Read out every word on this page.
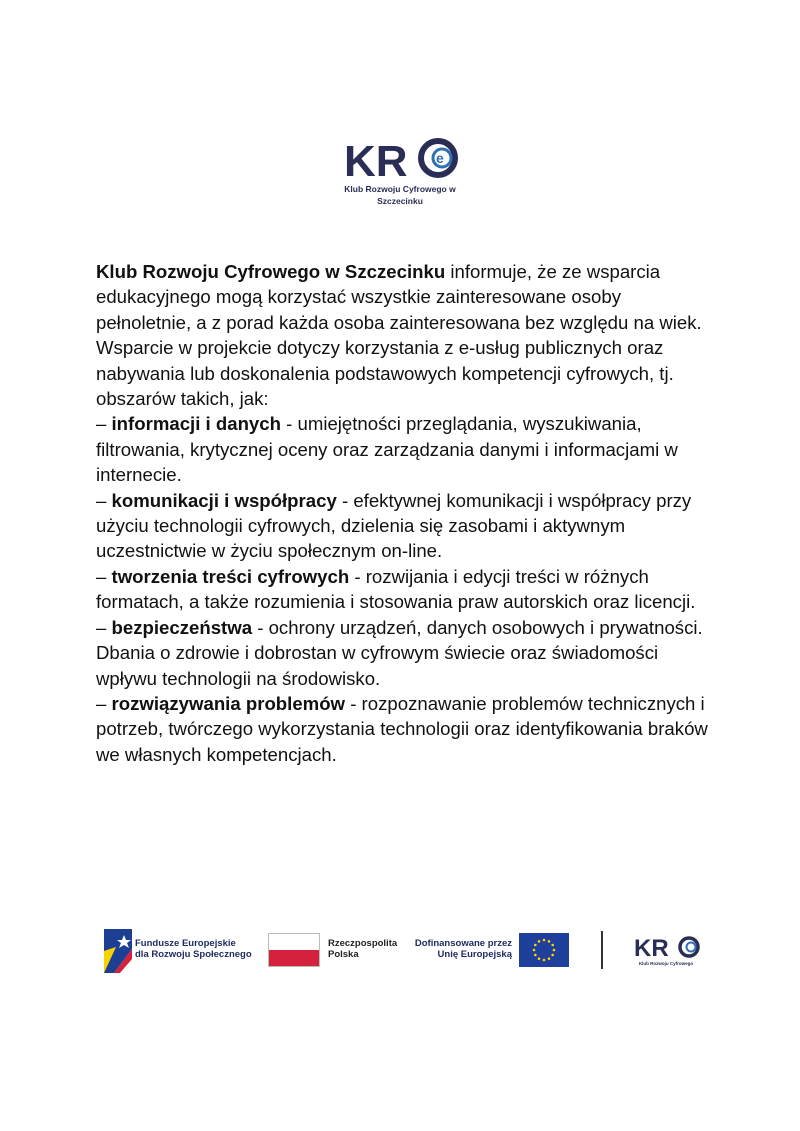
KR e
Klub Rozwoju Cyfrowego w
Szczecinku

Klub Rozwoju Cyfrowego w Szczecinku informuje, że ze wsparcia edukacyjnego mogą korzystać wszystkie zainteresowane osoby pełnoletnie, a z porad każda osoba zainteresowana bez względu na wiek.

Wsparcie w projekcie dotyczy korzystania z e-usług publicznych oraz nabywania lub doskonalenia podstawowych kompetencji cyfrowych, tj. obszarów takich, jak:

– informacji i danych - umiejętności przeglądania, wyszukiwania, filtrowania, krytycznej oceny oraz zarządzania danymi i informacjami w internecie.

– komunikacji i współpracy - efektywnej komunikacji i współpracy przy użyciu technologii cyfrowych, dzielenia się zasobami i aktywnym uczestnictwie w życiu społecznym on-line.

– tworzenia treści cyfrowych - rozwijania i edycji treści w różnych formatach, a także rozumienia i stosowania praw autorskich oraz licencji.

– bezpieczeństwa - ochrony urządzeń, danych osobowych i prywatności.

Dbania o zdrowie i dobrostan w cyfrowym świecie oraz świadomości wpływu technologii na środowisko.

– rozwiązywania problemów - rozpoznawanie problemów technicznych i

potrzeb, twórczego wykorzystania technologii oraz identyfikowania braków we własnych kompetencjach.

Fundusze Europejskie
dla Rozwoju Społecznego
Rzeczpospolita
Polska
Dofinansowane przez
Unię Europejską	KR
Klub Rozwoju Cyfrowego
